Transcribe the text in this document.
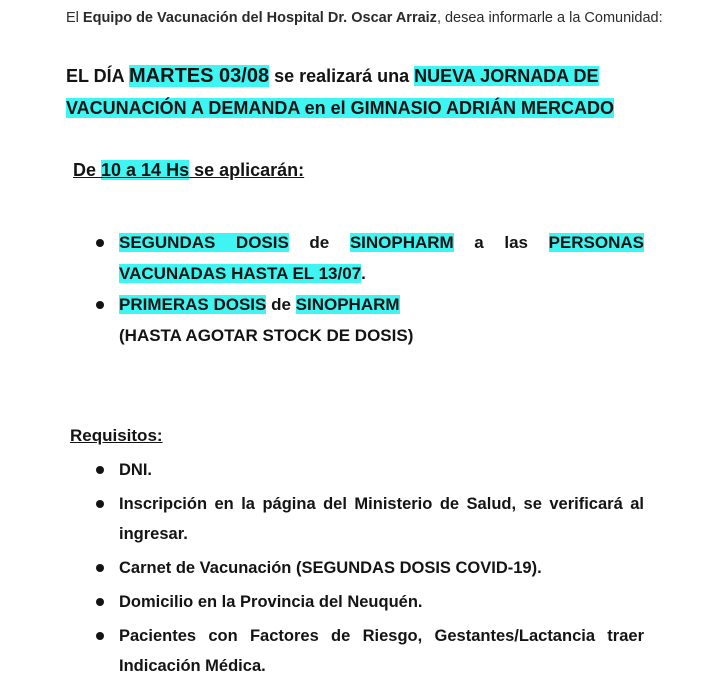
El Equipo de Vacunación del Hospital Dr. Oscar Arraiz, desea informarle a la Comunidad:
EL DÍA MARTES 03/08 se realizará una NUEVA JORNADA DE VACUNACIÓN A DEMANDA en el GIMNASIO ADRIÁN MERCADO
De 10 a 14 Hs se aplicarán:
SEGUNDAS DOSIS de SINOPHARM a las PERSONAS VACUNADAS HASTA EL 13/07.
PRIMERAS DOSIS de SINOPHARM
(HASTA AGOTAR STOCK DE DOSIS)
Requisitos:
DNI.
Inscripción en la página del Ministerio de Salud, se verificará al ingresar.
Carnet de Vacunación (SEGUNDAS DOSIS COVID-19).
Domicilio en la Provincia del Neuquén.
Pacientes con Factores de Riesgo, Gestantes/Lactancia traer Indicación Médica.
